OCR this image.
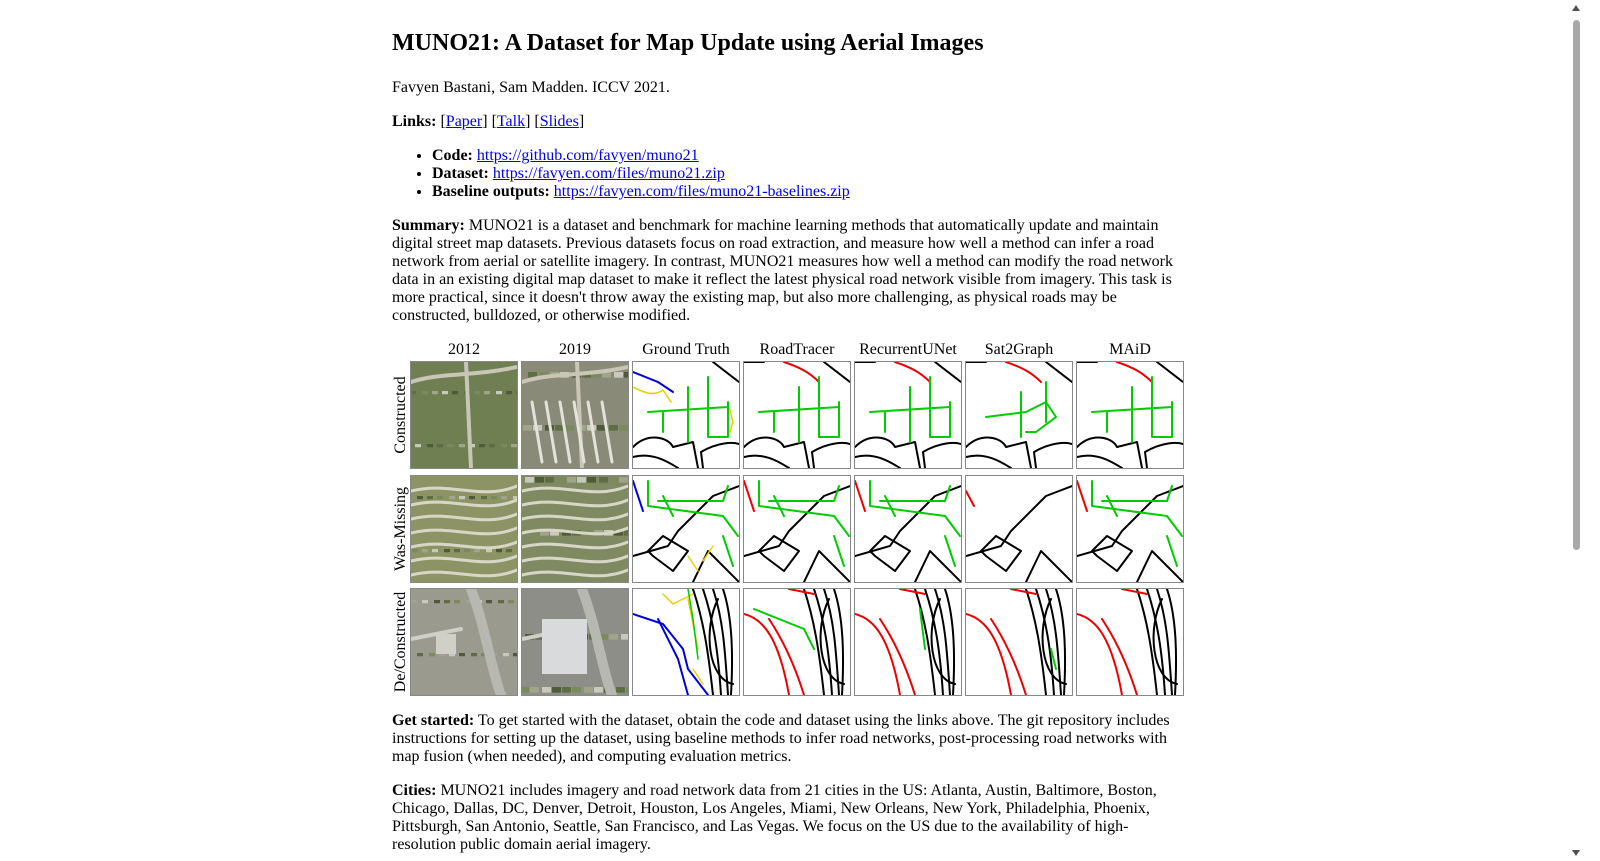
MUNO21: A Dataset for Map Update using Aerial Images

Favyen Bastani, Sam Madden. ICCV 2021.

Links: [Paper] [Talk] [Slides]

• Code: https://github.com/favyen/muno21
• Dataset: https://favyen.com/files/muno21.zip
• Baseline outputs: https://favyen.com/files/muno21-baselines.zip

Summary: MUNO21 is a dataset and benchmark for machine learning methods that automatically update and maintain digital street map datasets. Previous datasets focus on road extraction, and measure how well a method can infer a road network from aerial or satellite imagery. In contrast, MUNO21 measures how well a method can modify the road network data in an existing digital map dataset to make it reflect the latest physical road network visible from imagery. This task is more practical, since it doesn't throw away the existing map, but also more challenging, as physical roads may be constructed, bulldozed, or otherwise modified.

2012	2019	Ground Truth	RoadTracer	RecurrentUNet	Sat2Graph	MAiD
Constructed
Was-Missing
De/Constructed

Get started: To get started with the dataset, obtain the code and dataset using the links above. The git repository includes instructions for setting up the dataset, using baseline methods to infer road networks, post-processing road networks with map fusion (when needed), and computing evaluation metrics.

Cities: MUNO21 includes imagery and road network data from 21 cities in the US: Atlanta, Austin, Baltimore, Boston, Chicago, Dallas, DC, Denver, Detroit, Houston, Los Angeles, Miami, New Orleans, New York, Philadelphia, Phoenix, Pittsburgh, San Antonio, Seattle, San Francisco, and Las Vegas. We focus on the US due to the availability of high-resolution public domain aerial imagery.
